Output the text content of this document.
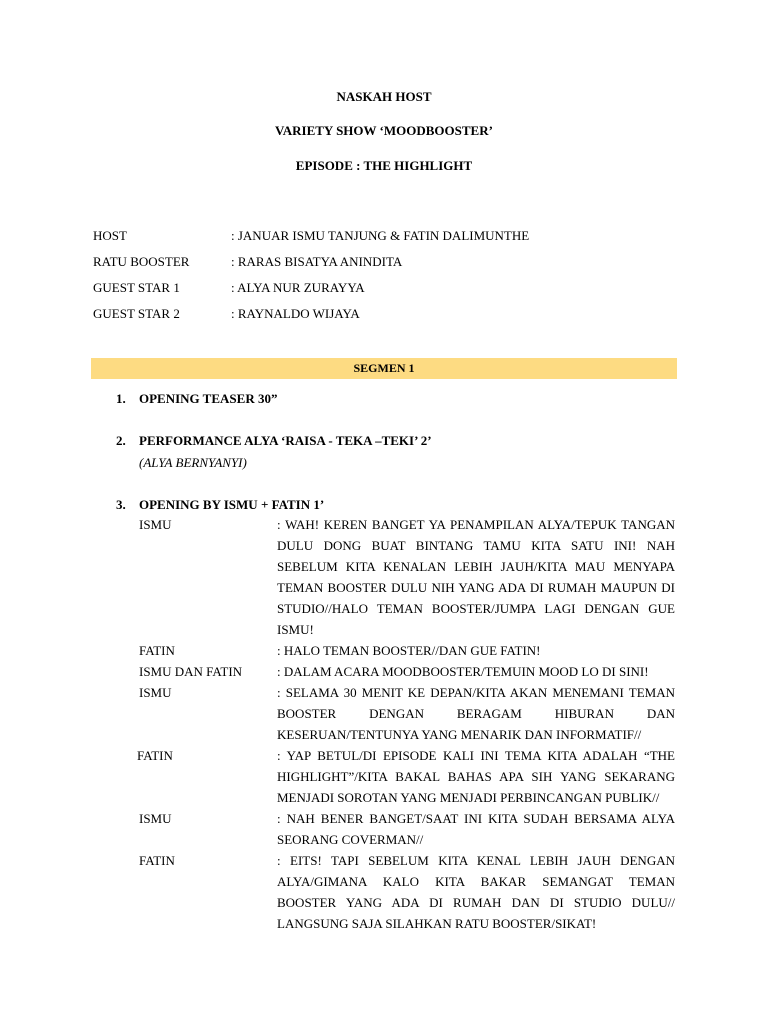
NASKAH HOST
VARIETY SHOW ‘MOODBOOSTER’
EPISODE : THE HIGHLIGHT
HOST	: JANUAR ISMU TANJUNG & FATIN DALIMUNTHE
RATU BOOSTER	: RARAS BISATYA ANINDITA
GUEST STAR 1	: ALYA NUR ZURAYYA
GUEST STAR 2	: RAYNALDO WIJAYA
SEGMEN 1
1. OPENING TEASER 30”
2. PERFORMANCE ALYA ‘RAISA - TEKA –TEKI’ 2’
(ALYA BERNYANYI)
3. OPENING BY ISMU + FATIN 1’
ISMU	: WAH! KEREN BANGET YA PENAMPILAN ALYA/TEPUK TANGAN
DULU DONG BUAT BINTANG TAMU KITA SATU INI! NAH
SEBELUM KITA KENALAN LEBIH JAUH/KITA MAU MENYAPA
TEMAN BOOSTER DULU NIH YANG ADA DI RUMAH MAUPUN DI
STUDIO//HALO TEMAN BOOSTER/JUMPA LAGI DENGAN GUE
ISMU!
FATIN	: HALO TEMAN BOOSTER//DAN GUE FATIN!
ISMU DAN FATIN	: DALAM ACARA MOODBOOSTER/TEMUIN MOOD LO DI SINI!
ISMU	: SELAMA 30 MENIT KE DEPAN/KITA AKAN MENEMANI TEMAN
BOOSTER DENGAN BERAGAM HIBURAN DAN
KESERUAN/TENTUNYA YANG MENARIK DAN INFORMATIF//
FATIN	: YAP BETUL/DI EPISODE KALI INI TEMA KITA ADALAH “THE
HIGHLIGHT”/KITA BAKAL BAHAS APA SIH YANG SEKARANG
MENJADI SOROTAN YANG MENJADI PERBINCANGAN PUBLIK//
ISMU	: NAH BENER BANGET/SAAT INI KITA SUDAH BERSAMA ALYA
SEORANG COVERMAN//
FATIN	: EITS! TAPI SEBELUM KITA KENAL LEBIH JAUH DENGAN
ALYA/GIMANA KALO KITA BAKAR SEMANGAT TEMAN
BOOSTER YANG ADA DI RUMAH DAN DI STUDIO DULU//
LANGSUNG SAJA SILAHKAN RATU BOOSTER/SIKAT!
